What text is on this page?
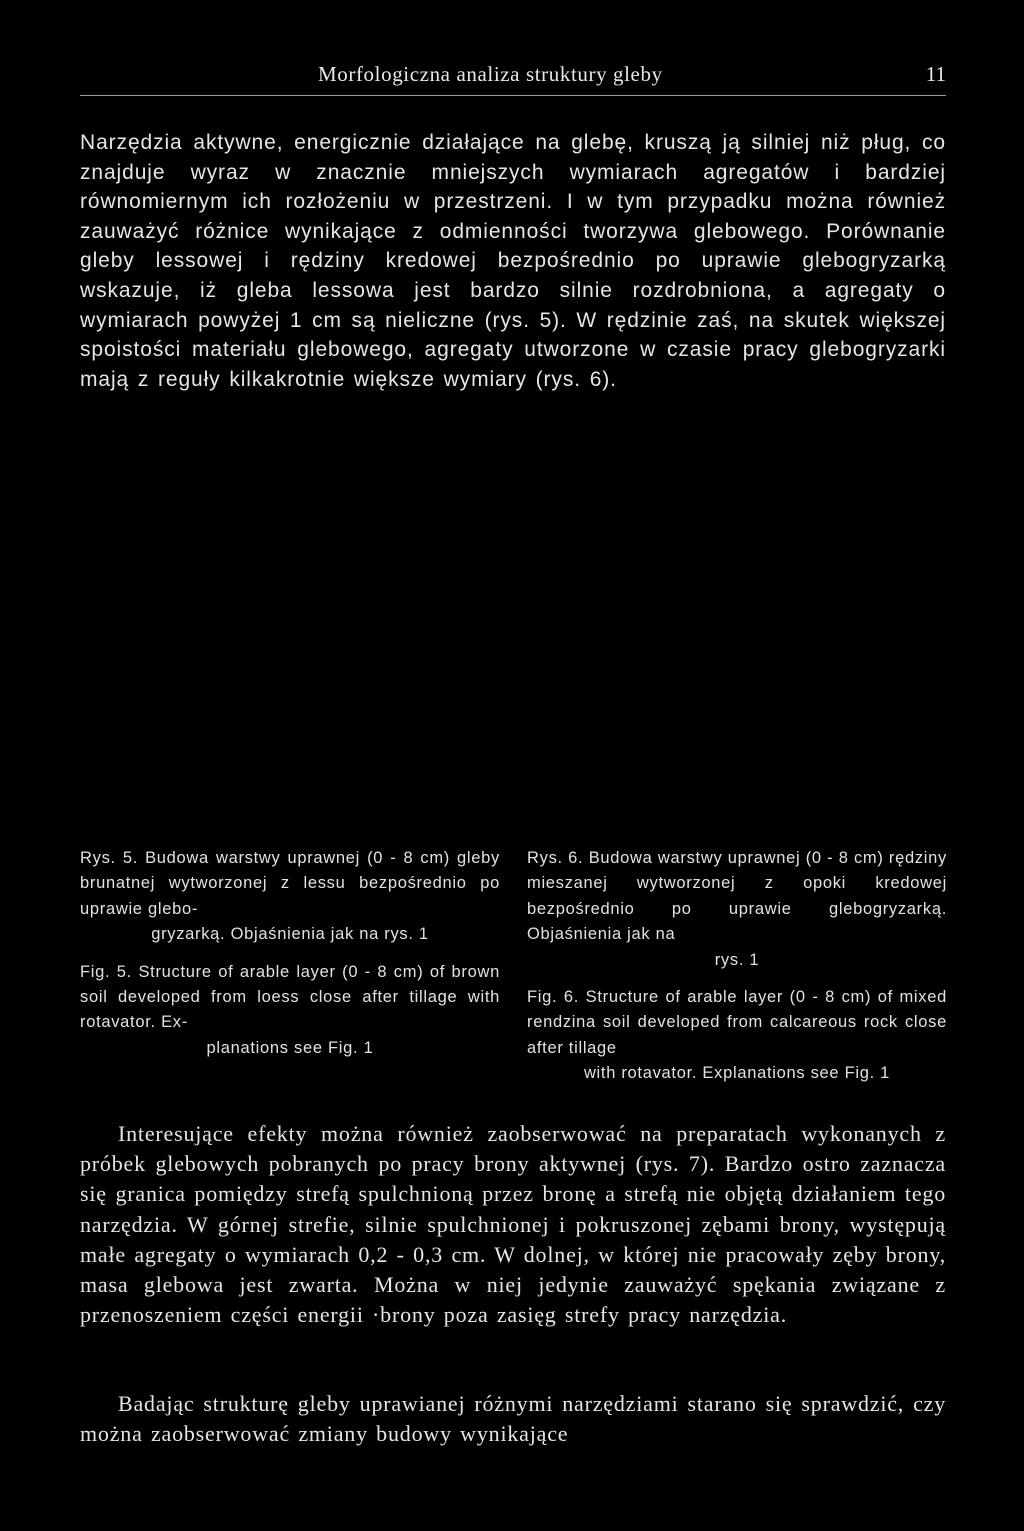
Morfologiczna analiza struktury gleby	11

Narzędzia aktywne, energicznie działające na glebę, kruszą ją silniej niż pług, co znajduje wyraz w znacznie mniejszych wymiarach agregatów i bardziej równomiernym ich rozłożeniu w przestrzeni. I w tym przypadku można również zauważyć różnice wynikające z odmienności tworzywa glebowego. Porównanie gleby lessowej i rędziny kredowej bezpośrednio po uprawie glebogryzarką wskazuje, iż gleba lessowa jest bardzo silnie rozdrobniona, a agregaty o wymiarach powyżej 1 cm są nieliczne (rys. 5). W rędzinie zaś, na skutek większej spoistości materiału glebowego, agregaty utworzone w czasie pracy glebogryzarki mają z reguły kilkakrotnie większe wymiary (rys. 6).

Rys. 5. Budowa warstwy uprawnej (0 - 8 cm) gleby brunatnej wytworzonej z lessu bezpośrednio po uprawie glebo-
gryzarką. Objaśnienia jak na rys. 1
Fig. 5. Structure of arable layer (0 - 8 cm) of brown soil developed from loess close after tillage with rotavator. Ex-
planations see Fig. 1
Rys. 6. Budowa warstwy uprawnej (0 - 8 cm) rędziny mieszanej wytworzonej z opoki kredowej bezpośrednio po uprawie glebogryzarką. Objaśnienia jak na
rys. 1
Fig. 6. Structure of arable layer (0 - 8 cm) of mixed rendzina soil developed from calcareous rock close after tillage
with rotavator. Explanations see Fig. 1

Interesujące efekty można również zaobserwować na preparatach wykonanych z próbek glebowych pobranych po pracy brony aktywnej (rys. 7). Bardzo ostro zaznacza się granica pomiędzy strefą spulchnioną przez bronę a strefą nie objętą działaniem tego narzędzia. W górnej strefie, silnie spulchnionej i pokruszonej zębami brony, występują małe agregaty o wymiarach 0,2 - 0,3 cm. W dolnej, w której nie pracowały zęby brony, masa glebowa jest zwarta. Można w niej jedynie zauważyć spękania związane z przenoszeniem części energii ·brony poza zasięg strefy pracy narzędzia.

Badając strukturę gleby uprawianej różnymi narzędziami starano się sprawdzić, czy można zaobserwować zmiany budowy wynikające
